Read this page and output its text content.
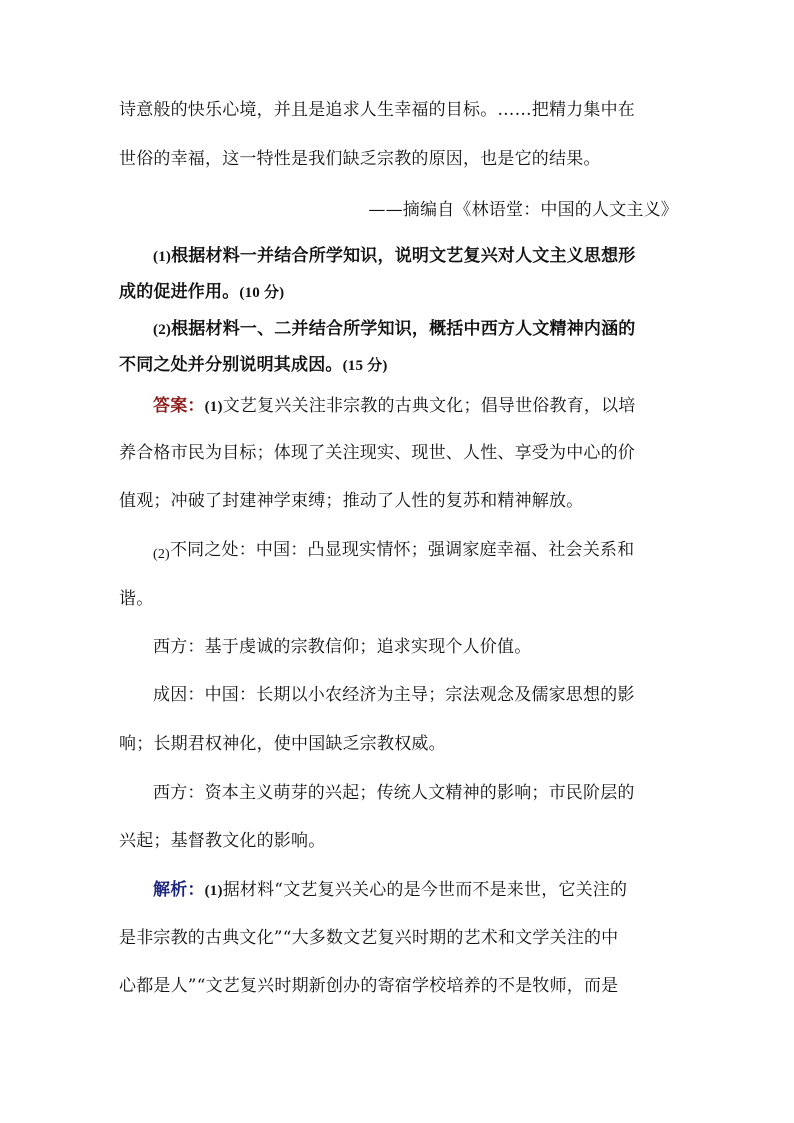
诗意般的快乐心境，并且是追求人生幸福的目标。……把精力集中在
世俗的幸福，这一特性是我们缺乏宗教的原因，也是它的结果。
——摘编自《林语堂：中国的人文主义》
(1)根据材料一并结合所学知识，说明文艺复兴对人文主义思想形
成的促进作用。(10 分)
(2)根据材料一、二并结合所学知识，概括中西方人文精神内涵的
不同之处并分别说明其成因。(15 分)
答案：(1)文艺复兴关注非宗教的古典文化；倡导世俗教育，以培
养合格市民为目标；体现了关注现实、现世、人性、享受为中心的价
值观；冲破了封建神学束缚；推动了人性的复苏和精神解放。
(2)不同之处：中国：凸显现实情怀；强调家庭幸福、社会关系和
谐。
西方：基于虔诚的宗教信仰；追求实现个人价值。
成因：中国：长期以小农经济为主导；宗法观念及儒家思想的影
响；长期君权神化，使中国缺乏宗教权威。
西方：资本主义萌芽的兴起；传统人文精神的影响；市民阶层的
兴起；基督教文化的影响。
解析：(1)据材料“文艺复兴关心的是今世而不是来世，它关注的
是非宗教的古典文化”“大多数文艺复兴时期的艺术和文学关注的中
心都是人”“文艺复兴时期新创办的寄宿学校培养的不是牧师，而是
